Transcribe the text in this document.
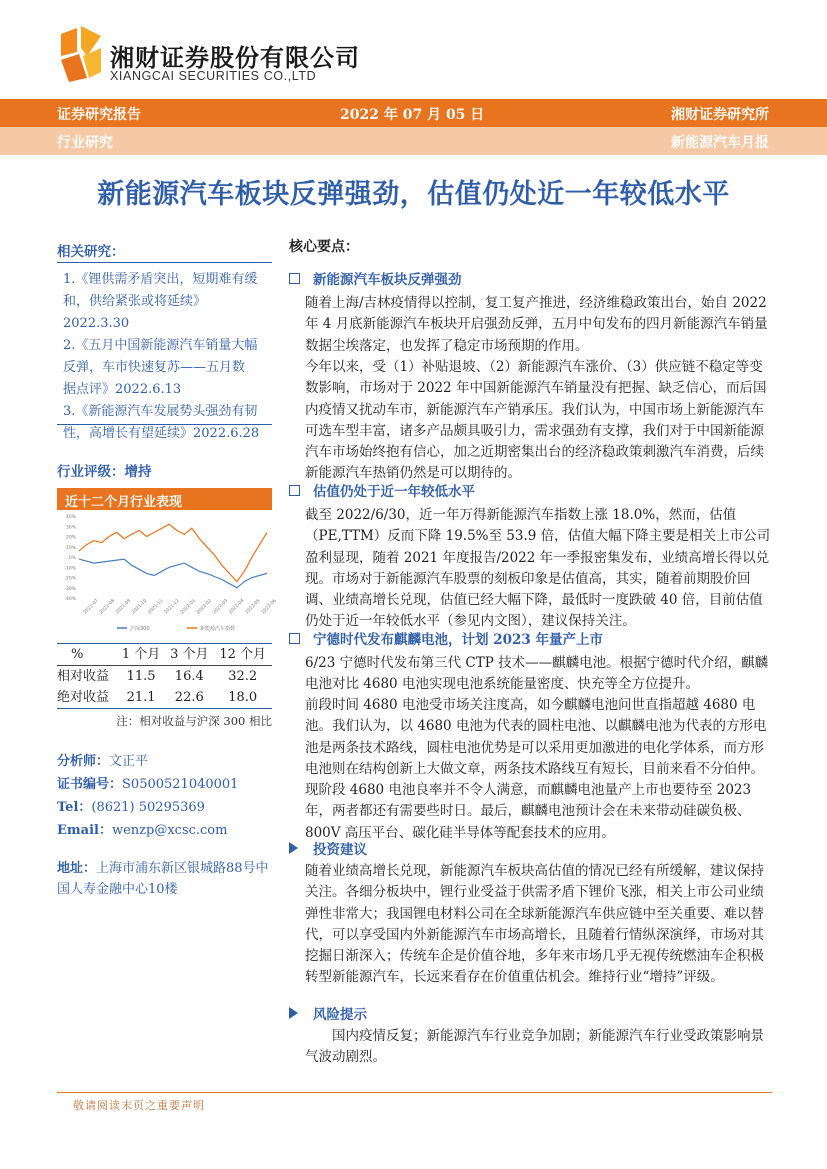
湘财证券股份有限公司
XIANGCAI SECURITIES CO.,LTD
证券研究报告	2022 年 07 月 05 日	湘财证券研究所
行业研究	新能源汽车月报
新能源汽车板块反弹强劲，估值仍处近一年较低水平
相关研究：
1.《锂供需矛盾突出，短期难有缓
和，供给紧张或将延续》2022.3.30
2.《五月中国新能源汽车销量大幅
反弹，车市快速复苏——五月数
据点评》2022.6.13
3.《新能源汽车发展势头强劲有韧
性，高增长有望延续》2022.6.28
行业评级：增持
近十二个月行业表现
40%
30%
20%
10%
0%
-10%
-20%
-30%
-40% 2021-07 2021-08 2021-09 2021-10 2021-11 2021-12 2022-01 2022-02 2022-03 2022-04 2022-05 2022-06
沪深300	新能源汽车指数
%	1 个月	3 个月	12 个月
相对收益	11.5	16.4	32.2
绝对收益	21.1	22.6	18.0
注：相对收益与沪深 300 相比
分析师：文正平
证书编号：S0500521040001
Tel：(8621) 50295369
Email：wenzp@xcsc.com
地址：上海市浦东新区银城路88号中国人寿金融中心10楼
核心要点：
新能源汽车板块反弹强劲
随着上海/吉林疫情得以控制，复工复产推进，经济维稳政策出台，始自 2022 年 4 月底新能源汽车板块开启强劲反弹，五月中旬发布的四月新能源汽车销量数据尘埃落定，也发挥了稳定市场预期的作用。
今年以来，受（1）补贴退坡、（2）新能源汽车涨价、（3）供应链不稳定等变数影响，市场对于 2022 年中国新能源汽车销量没有把握、缺乏信心，而后国内疫情又扰动车市，新能源汽车产销承压。我们认为，中国市场上新能源汽车可选车型丰富，诸多产品颇具吸引力，需求强劲有支撑，我们对于中国新能源汽车市场始终抱有信心，加之近期密集出台的经济稳政策刺激汽车消费，后续新能源汽车热销仍然是可以期待的。
估值仍处于近一年较低水平
截至 2022/6/30，近一年万得新能源汽车指数上涨 18.0%，然而，估值（PE,TTM）反而下降 19.5%至 53.9 倍，估值大幅下降主要是相关上市公司盈利显现，随着 2021 年度报告/2022 年一季报密集发布，业绩高增长得以兑现。市场对于新能源汽车股票的刻板印象是估值高，其实，随着前期股价回调、业绩高增长兑现，估值已经大幅下降，最低时一度跌破 40 倍，目前估值仍处于近一年较低水平（参见内文图），建议保持关注。
宁德时代发布麒麟电池，计划 2023 年量产上市
6/23 宁德时代发布第三代 CTP 技术——麒麟电池。根据宁德时代介绍，麒麟电池对比 4680 电池实现电池系统能量密度、快充等全方位提升。
前段时间 4680 电池受市场关注度高，如今麒麟电池问世直指超越 4680 电池。我们认为，以 4680 电池为代表的圆柱电池、以麒麟电池为代表的方形电池是两条技术路线，圆柱电池优势是可以采用更加激进的电化学体系，而方形电池则在结构创新上大做文章，两条技术路线互有短长，目前来看不分伯仲。现阶段 4680 电池良率并不令人满意，而麒麟电池量产上市也要待至 2023 年，两者都还有需要些时日。最后，麒麟电池预计会在未来带动硅碳负极、800V 高压平台、碳化硅半导体等配套技术的应用。
投资建议
随着业绩高增长兑现，新能源汽车板块高估值的情况已经有所缓解，建议保持关注。各细分板块中，锂行业受益于供需矛盾下锂价飞涨，相关上市公司业绩弹性非常大；我国锂电材料公司在全球新能源汽车供应链中至关重要、难以替代，可以享受国内外新能源汽车市场高增长，且随着行情纵深演绎，市场对其挖掘日渐深入；传统车企是价值谷地，多年来市场几乎无视传统燃油车企积极转型新能源汽车，长远来看存在价值重估机会。维持行业“增持”评级。
风险提示
国内疫情反复；新能源汽车行业竞争加剧；新能源汽车行业受政策影响景气波动剧烈。
敬请阅读末页之重要声明
